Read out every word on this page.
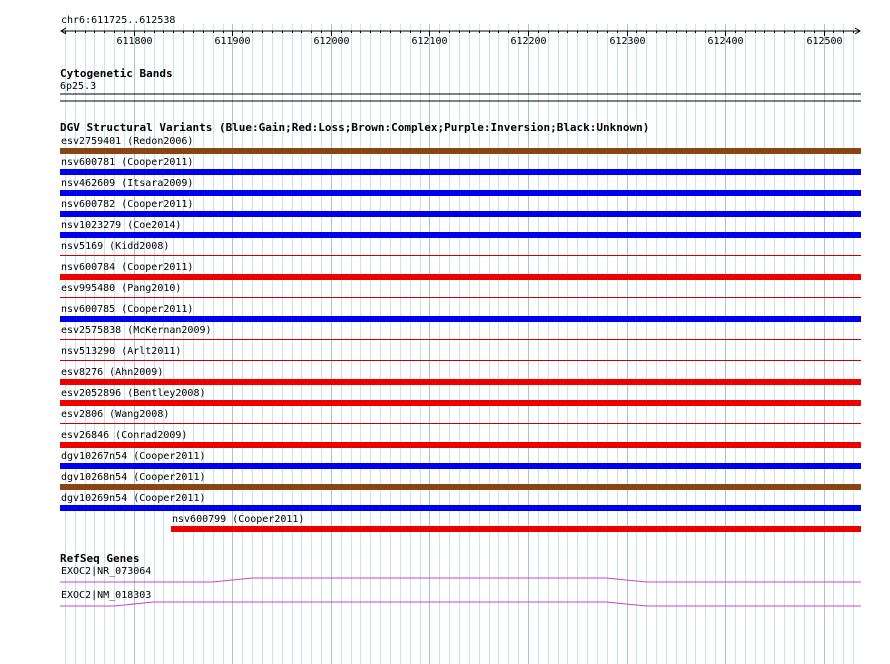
611800	611900	612000	612100	612200	612300	612400	612500
esv2759401 (Redon2006)
nsv600781 (Cooper2011)
nsv462609 (Itsara2009)
nsv600782 (Cooper2011)
nsv1023279 (Coe2014)
nsv5169 (Kidd2008)
nsv600784 (Cooper2011)
esv995480 (Pang2010)
nsv600785 (Cooper2011)
esv2575838 (McKernan2009)
nsv513290 (Arlt2011)
esv8276 (Ahn2009)
esv2052896 (Bentley2008)
esv2806 (Wang2008)
esv26846 (Conrad2009)
dgv10267n54 (Cooper2011)
dgv10268n54 (Cooper2011)
dgv10269n54 (Cooper2011)
nsv600799 (Cooper2011)
EXOC2|NR_073064
EXOC2|NM_018303
chr6:611725..612538
Cytogenetic Bands
6p25.3
DGV Structural Variants (Blue:Gain;Red:Loss;Brown:Complex;Purple:Inversion;Black:Unknown)
RefSeq Genes
